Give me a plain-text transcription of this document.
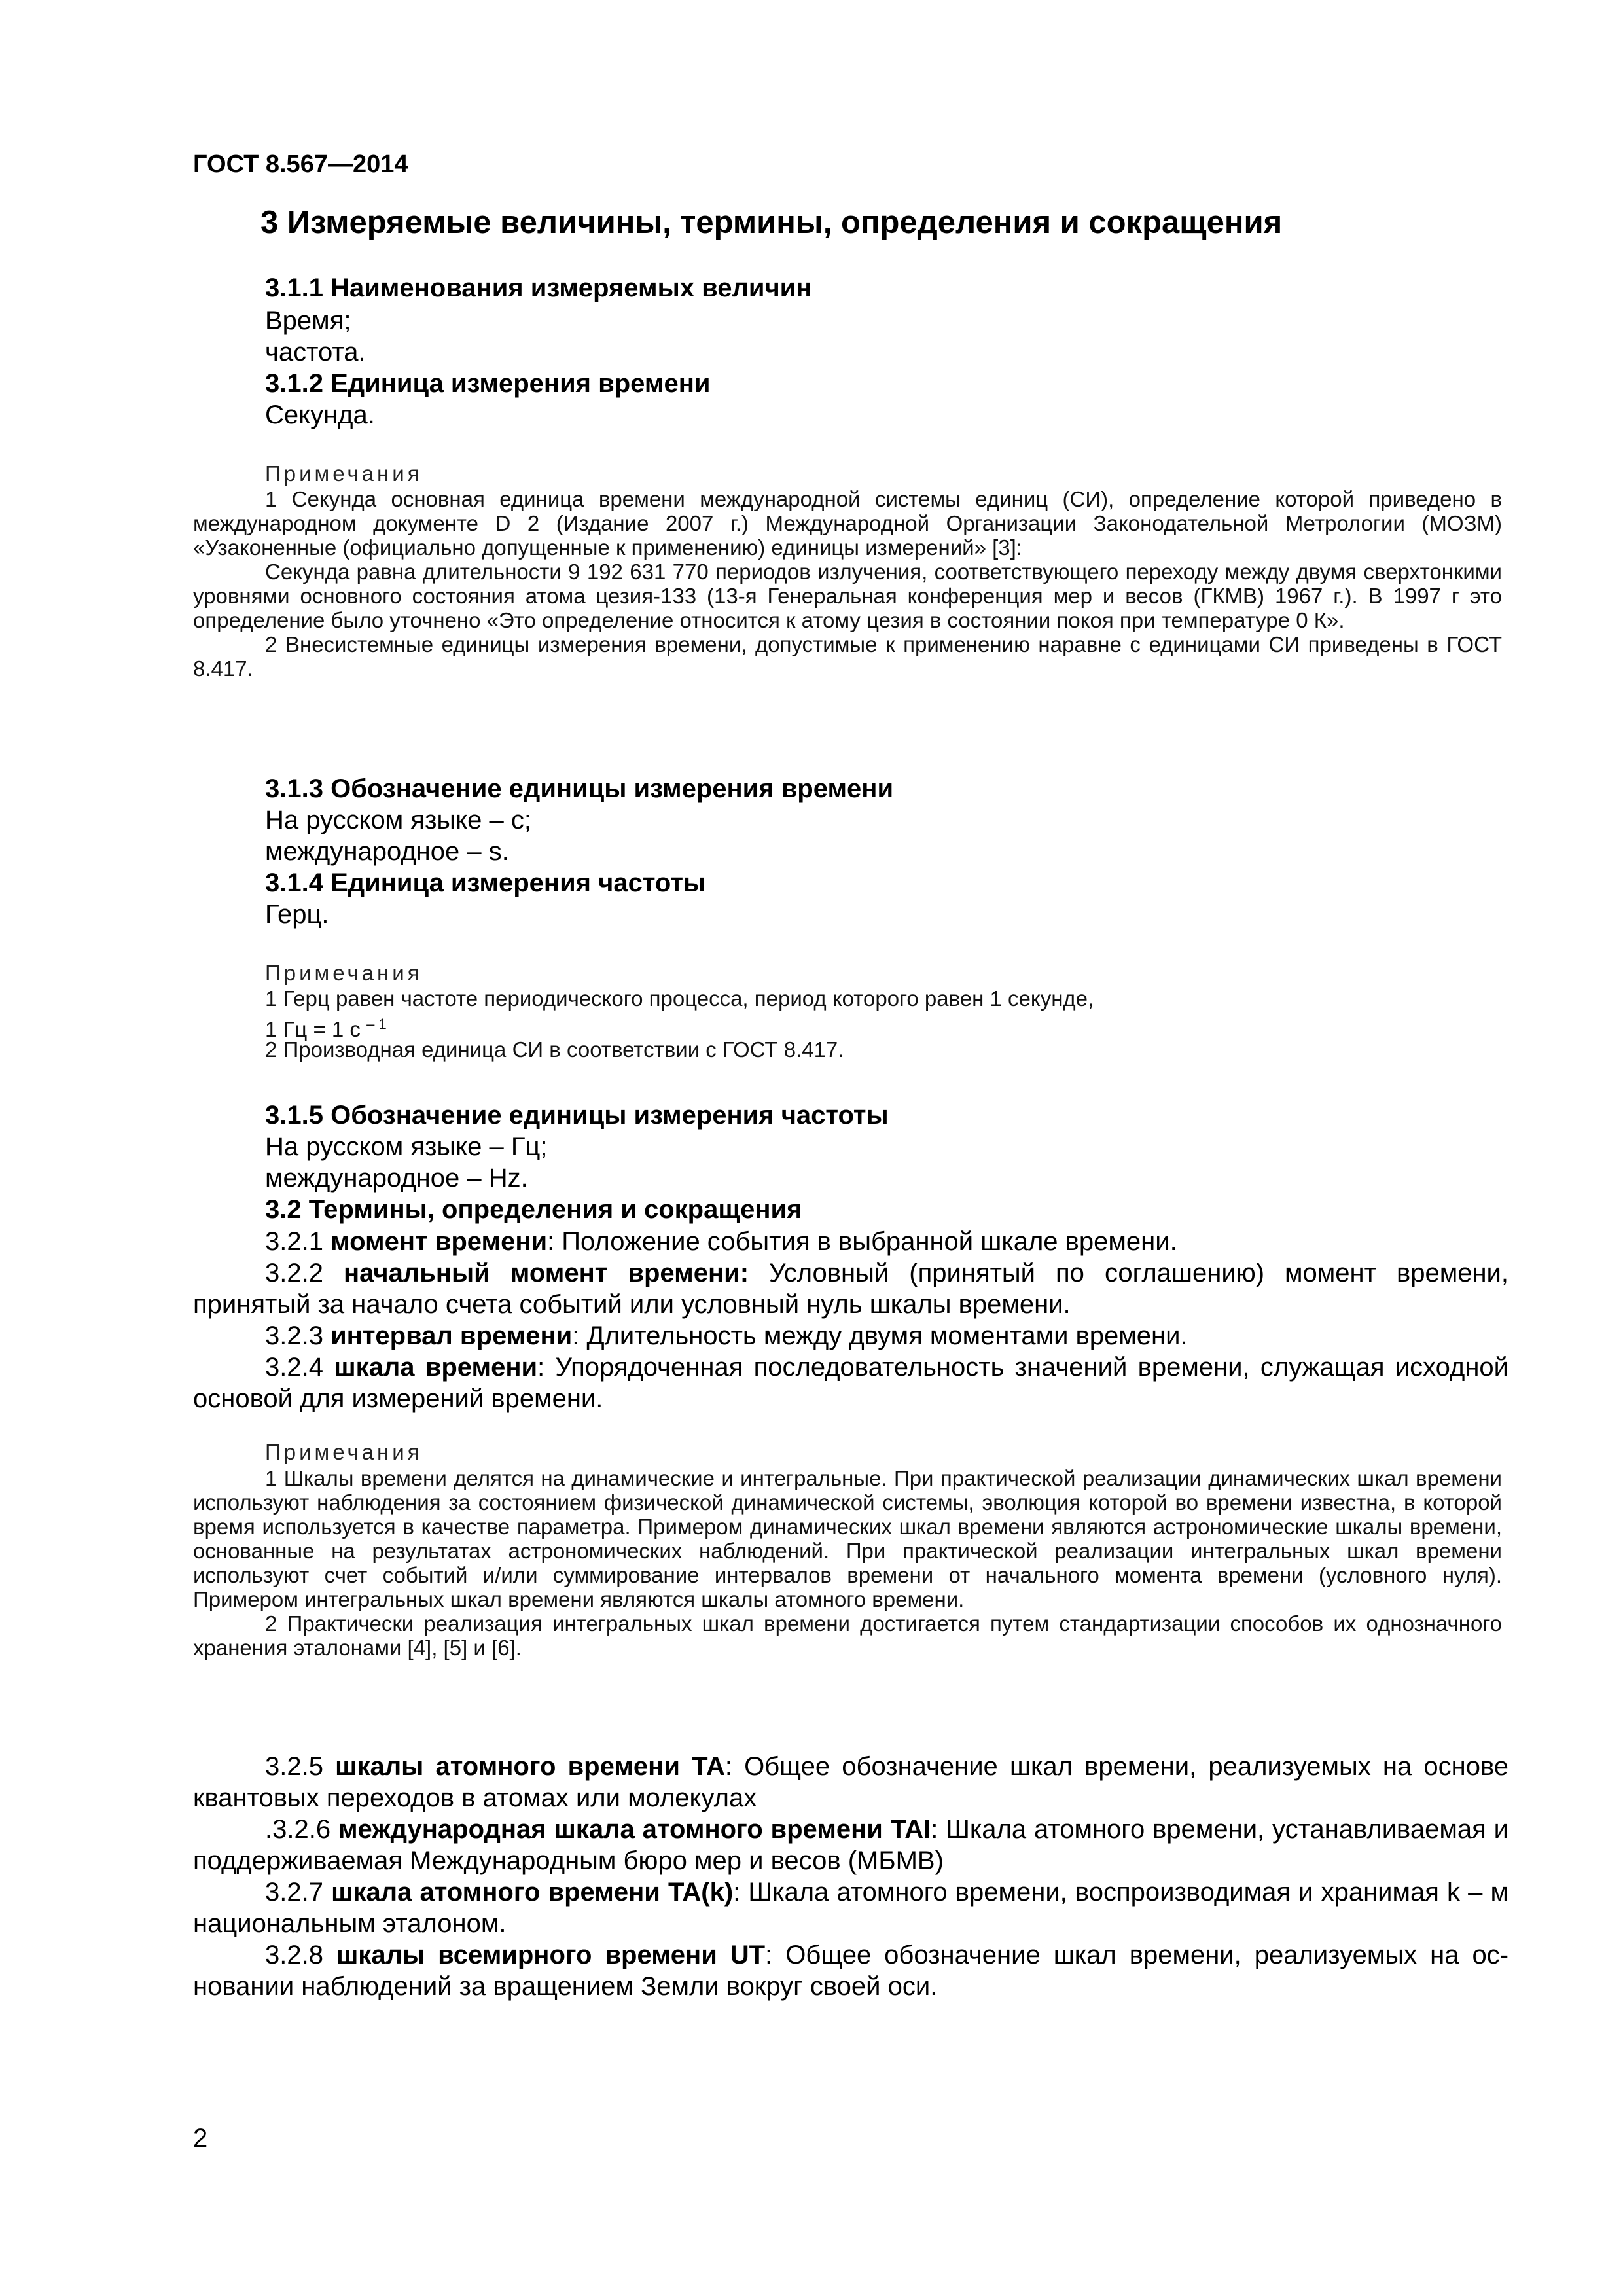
ГОСТ 8.567—2014
3 Измеряемые величины, термины, определения и сокращения
3.1.1 Наименования измеряемых величин
Время;
частота.
3.1.2 Единица измерения времени
Секунда.
Примечания

1 Секунда основная единица времени международной системы единиц (СИ), определение которой приведено в международном документе D 2 (Издание 2007 г.) Международной Организации Законодательной Метрологии (МОЗМ) «Узаконенные (официально допущенные к применению) единицы измерений» [3]:

Секунда равна длительности 9 192 631 770 периодов излучения, соответствующего переходу между двумя сверхтонкими уровнями основного состояния атома цезия-133 (13-я Генеральная конференция мер и весов (ГКМВ) 1967 г.). В 1997 г это определение было уточнено «Это определение относится к атому цезия в состоянии покоя при температуре 0 К».

2 Внесистемные единицы измерения времени, допустимые к применению наравне с единицами СИ приведены в ГОСТ 8.417.

3.1.3 Обозначение единицы измерения времени
На русском языке – с;
международное – s.
3.1.4 Единица измерения частоты
Герц.
Примечания
1 Герц равен частоте периодического процесса, период которого равен 1 секунде,
1 Гц = 1 с $^{- 1}$
2 Производная единица СИ в соответствии с ГОСТ 8.417.
3.1.5 Обозначение единицы измерения частоты
На русском языке – Гц;
международное – Hz.
3.2 Термины, определения и сокращения

3.2.1 момент времени: Положение события в выбранной шкале времени.

3.2.2 начальный момент времени: Условный (принятый по соглашению) момент времени, принятый за начало счета событий или условный нуль шкалы времени.

3.2.3 интервал времени: Длительность между двумя моментами времени.

3.2.4 шкала времени: Упорядоченная последовательность значений времени, служащая исходной основой для измерений времени.

Примечания

1 Шкалы времени делятся на динамические и интегральные. При практической реализации динамических шкал времени используют наблюдения за состоянием физической динамической системы, эволюция которой во времени известна, в которой время используется в качестве параметра. Примером динамических шкал времени являются астрономические шкалы времени, основанные на результатах астрономических наблюдений. При практической реализации интегральных шкал времени используют счет событий и/или суммирование интервалов времени от начального момента времени (условного нуля). Примером интегральных шкал времени являются шкалы атомного времени.

2 Практически реализация интегральных шкал времени достигается путем стандартизации способов их однозначного хранения эталонами [4], [5] и [6].

3.2.5 шкалы атомного времени ТА: Общее обозначение шкал времени, реализуемых на основе квантовых переходов в атомах или молекулах

.3.2.6 международная шкала атомного времени TAI: Шкала атомного времени, устанавливаемая и поддерживаемая Международным бюро мер и весов (МБМВ)

3.2.7 шкала атомного времени TA(k): Шкала атомного времени, воспроизводимая и хранимая k – м национальным эталоном.

3.2.8 шкалы всемирного времени UT: Общее обозначение шкал времени, реализуемых на основании наблюдений за вращением Земли вокруг своей оси.

2
